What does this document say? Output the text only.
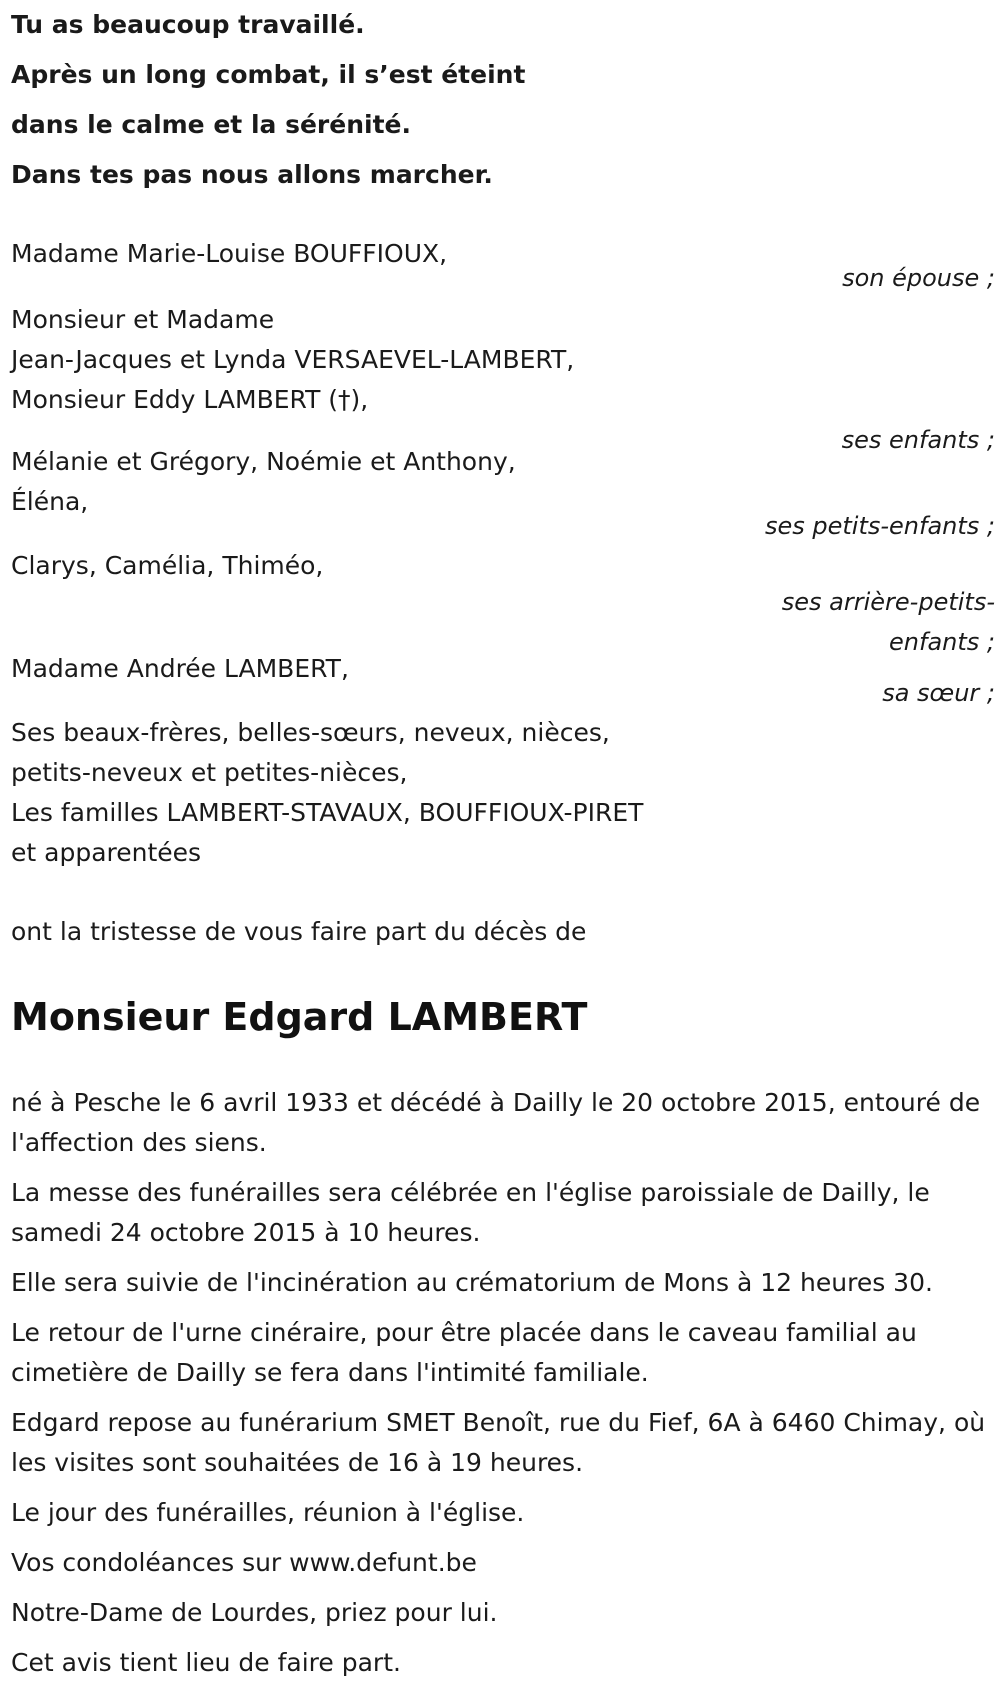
Tu as beaucoup travaillé.

Après un long combat, il s’est éteint

dans le calme et la sérénité.

Dans tes pas nous allons marcher.

Madame Marie-Louise BOUFFIOUX,
son épouse ;
Monsieur et Madame
Jean-Jacques et Lynda VERSAEVEL-LAMBERT,
Monsieur Eddy LAMBERT (†),
ses enfants ;
Mélanie et Grégory, Noémie et Anthony,
Éléna,
ses petits-enfants ;
Clarys, Camélia, Thiméo,
ses arrière-petits-
enfants ;
Madame Andrée LAMBERT,
sa sœur ;
Ses beaux-frères, belles-sœurs, neveux, nièces,
petits-neveux et petites-nièces,
Les familles LAMBERT-STAVAUX, BOUFFIOUX-PIRET
et apparentées

ont la tristesse de vous faire part du décès de

Monsieur Edgard LAMBERT

né à Pesche le 6 avril 1933 et décédé à Dailly le 20 octobre 2015, entouré de l'affection des siens.

La messe des funérailles sera célébrée en l'église paroissiale de Dailly, le samedi 24 octobre 2015 à 10 heures.

Elle sera suivie de l'incinération au crématorium de Mons à 12 heures 30.

Le retour de l'urne cinéraire, pour être placée dans le caveau familial au cimetière de Dailly se fera dans l'intimité familiale.

Edgard repose au funérarium SMET Benoît, rue du Fief, 6A à 6460 Chimay, où les visites sont souhaitées de 16 à 19 heures.

Le jour des funérailles, réunion à l'église.

Vos condoléances sur www.defunt.be

Notre-Dame de Lourdes, priez pour lui.

Cet avis tient lieu de faire part.
